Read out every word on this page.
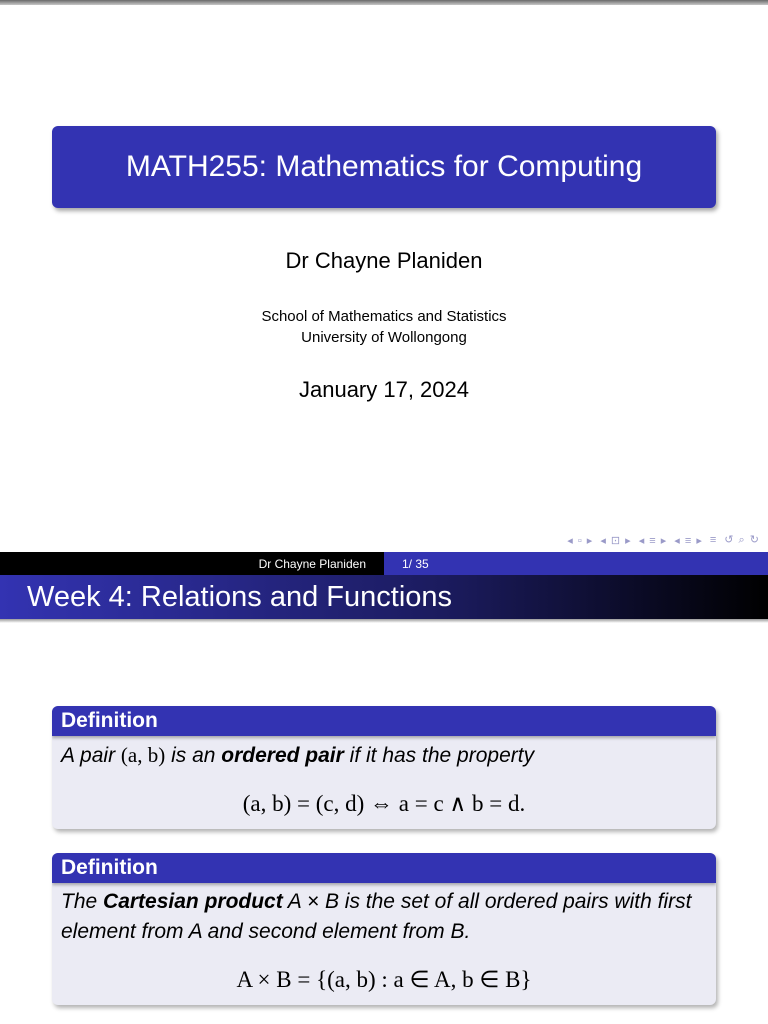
MATH255: Mathematics for Computing
Dr Chayne Planiden
School of Mathematics and Statistics
University of Wollongong
January 17, 2024
◂ ▫ ▸ ◂ ⊡ ▸ ◂ ≡ ▸ ◂ ≡ ▸ ≡ ↺ ⌕ ↻
Dr Chayne Planiden	1/ 35
Week 4: Relations and Functions
Definition
A pair (a, b) is an ordered pair if it has the property
(a, b) = (c, d) ⇔ a = c ∧ b = d.
Definition
The Cartesian product A × B is the set of all ordered pairs with first element from A and second element from B.
A × B = {(a, b) : a ∈ A, b ∈ B}
